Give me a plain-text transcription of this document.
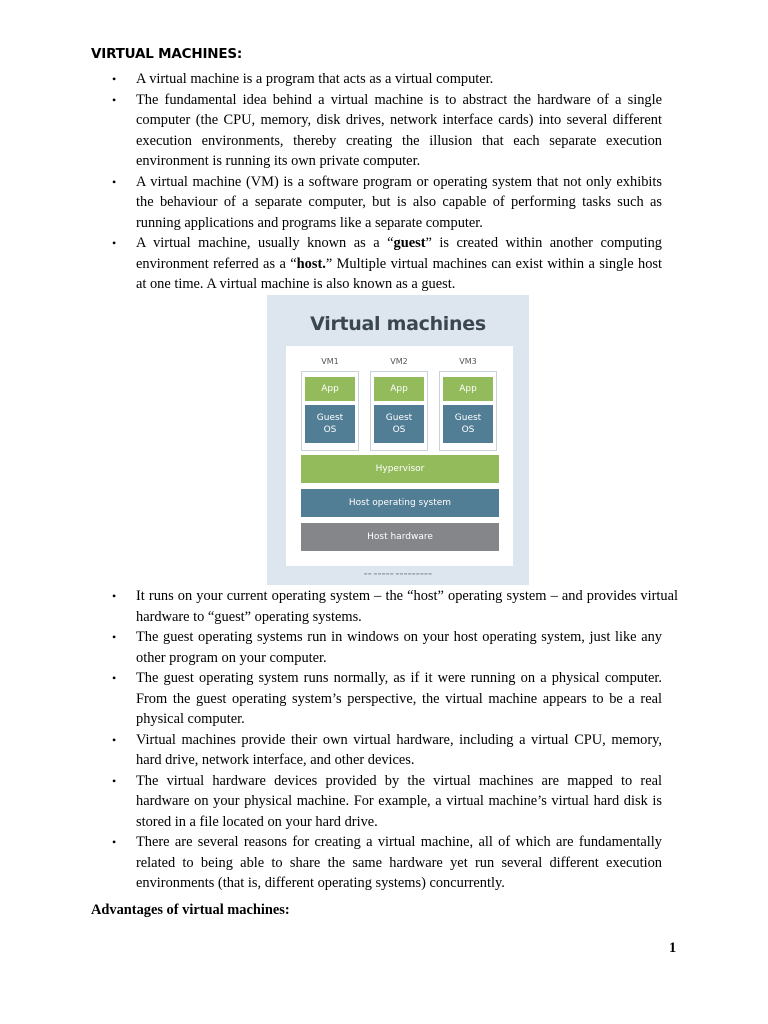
VIRTUAL MACHINES:
• A virtual machine is a program that acts as a virtual computer.
• The fundamental idea behind a virtual machine is to abstract the hardware of a single computer (the CPU, memory, disk drives, network interface cards) into several different execution environments, thereby creating the illusion that each separate execution environment is running its own private computer.
• A virtual machine (VM) is a software program or operating system that not only exhibits the behaviour of a separate computer, but is also capable of performing tasks such as running applications and programs like a separate computer.
• A virtual machine, usually known as a “guest” is created within another computing environment referred as a “host.” Multiple virtual machines can exist within a single host at one time. A virtual machine is also known as a guest.
Virtual machines
VM1
App
Guest
OS
VM2
App
Guest
OS
VM3
App
Guest
OS
Hypervisor
Host operating system
Host hardware
▬▬ ▬▬▬▬▬ ▬▬▬▬▬▬▬▬▬
• It runs on your current operating system – the “host” operating system – and provides virtual hardware to “guest” operating systems.
• The guest operating systems run in windows on your host operating system, just like any other program on your computer.
• The guest operating system runs normally, as if it were running on a physical computer. From the guest operating system’s perspective, the virtual machine appears to be a real physical computer.
• Virtual machines provide their own virtual hardware, including a virtual CPU, memory, hard drive, network interface, and other devices.
• The virtual hardware devices provided by the virtual machines are mapped to real hardware on your physical machine. For example, a virtual machine’s virtual hard disk is stored in a file located on your hard drive.
• There are several reasons for creating a virtual machine, all of which are fundamentally related to being able to share the same hardware yet run several different execution environments (that is, different operating systems) concurrently.
Advantages of virtual machines:
1
